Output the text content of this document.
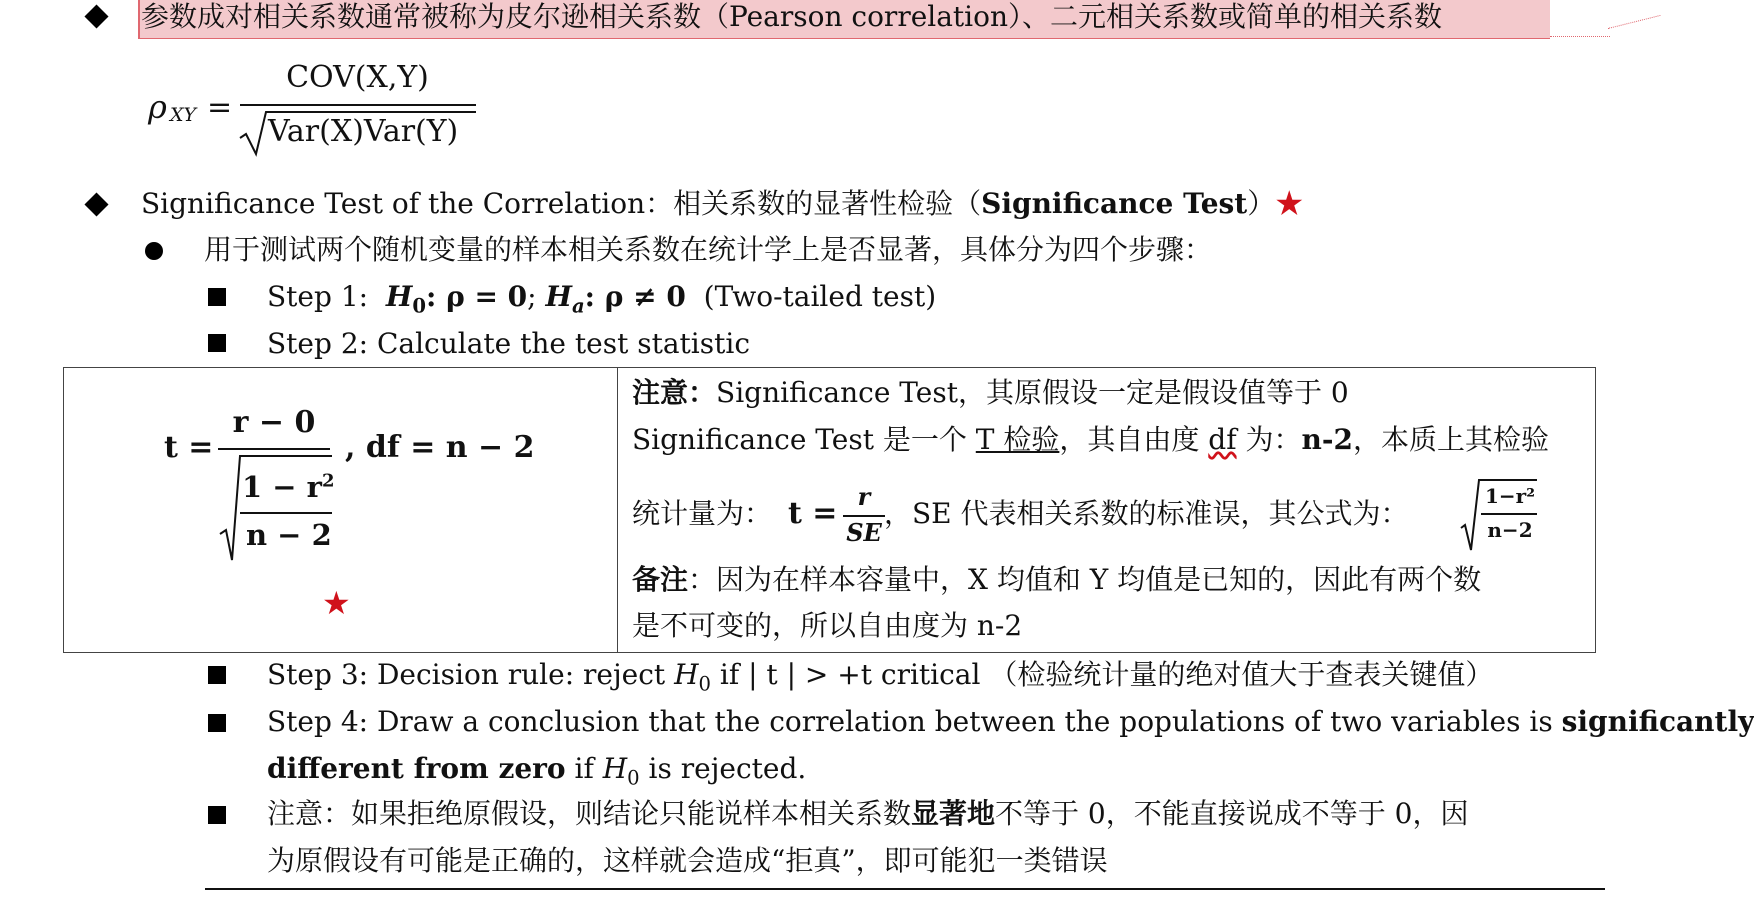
参数成对相关系数通常被称为皮尔逊相关系数（Pearson correlation）、二元相关系数或简单的相关系数
ρ XY =
COV(X,Y)
Var(X)Var(Y)
Significance Test of the Correlation：相关系数的显著性检验（Significance Test）★
用于测试两个随机变量的样本相关系数在统计学上是否显著，具体分为四个步骤：
Step 1: $H_0$: ρ = 0; $H_a$: ρ ≠ 0 (Two-tailed test)
Step 2: Calculate the test statistic
t =
r − 0
$1 - r^2$
n − 2
, df = n − 2
★
注意：Significance Test，其原假设一定是假设值等于 0
Significance Test 是一个 T 检验，其自由度 df 为：n-2，本质上其检验
统计量为： t = r
SE
，SE 代表相关系数的标准误，其公式为：
1−r²
n−2
备注：因为在样本容量中，X 均值和 Y 均值是已知的，因此有两个数
是不可变的，所以自由度为 n-2
Step 3: Decision rule: reject $H_0$ if | t | > +t critical （检验统计量的绝对值大于查表关键值）
Step 4: Draw a conclusion that the correlation between the populations of two variables is significantly
different from zero if $H_0$ is rejected.
注意：如果拒绝原假设，则结论只能说样本相关系数显著地不等于 0，不能直接说成不等于 0，因
为原假设有可能是正确的，这样就会造成“拒真”，即可能犯一类错误
